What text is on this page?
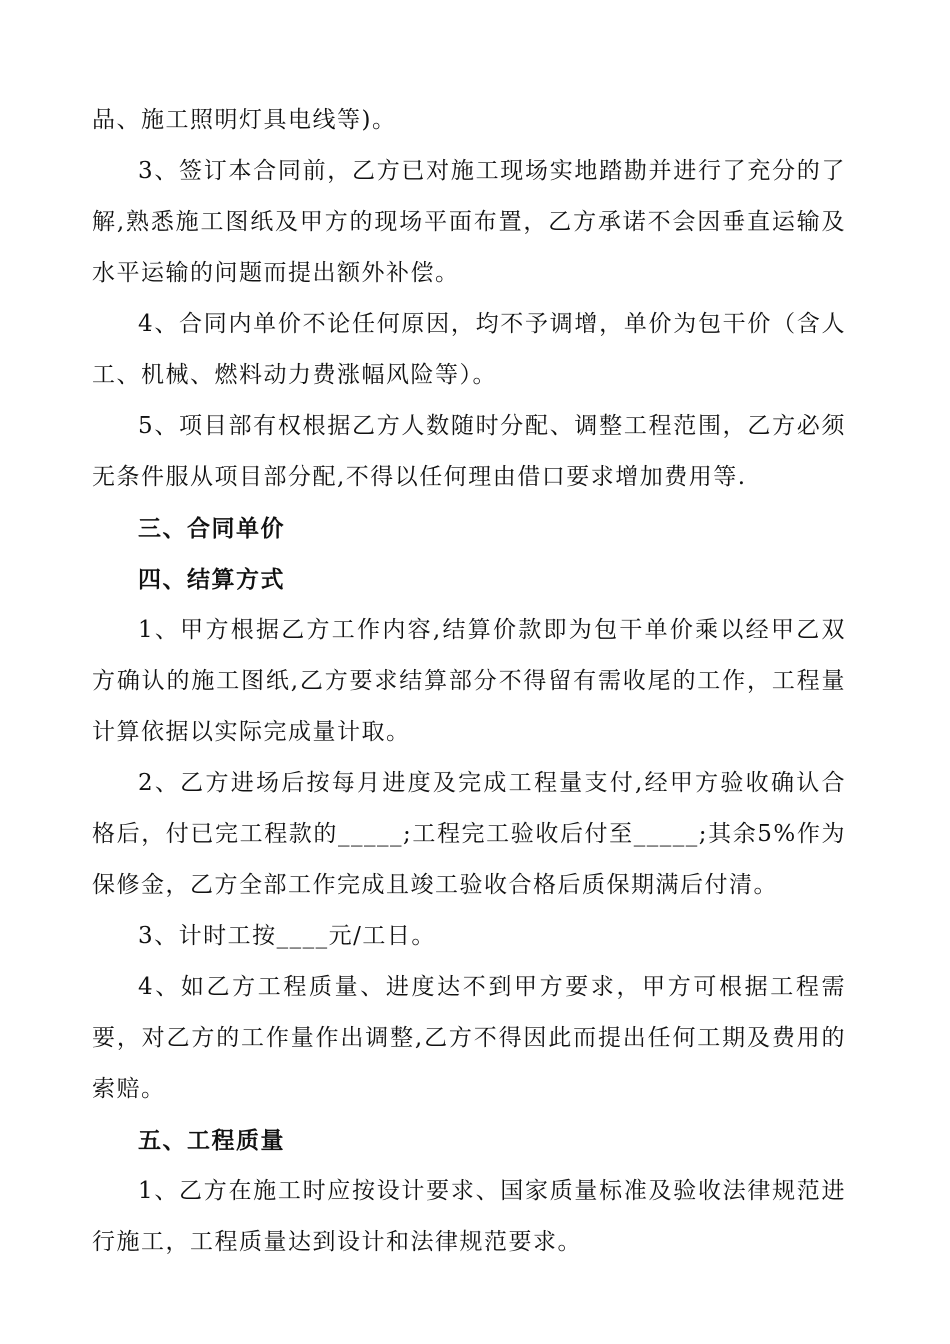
品、施工照明灯具电线等)。

3、签订本合同前，乙方已对施工现场实地踏勘并进行了充分的了解,熟悉施工图纸及甲方的现场平面布置，乙方承诺不会因垂直运输及水平运输的问题而提出额外补偿。

4、合同内单价不论任何原因，均不予调增，单价为包干价（含人工、机械、燃料动力费涨幅风险等）。

5、项目部有权根据乙方人数随时分配、调整工程范围，乙方必须无条件服从项目部分配,不得以任何理由借口要求增加费用等.

三、合同单价

四、结算方式

1、甲方根据乙方工作内容,结算价款即为包干单价乘以经甲乙双方确认的施工图纸,乙方要求结算部分不得留有需收尾的工作，工程量计算依据以实际完成量计取。

2、乙方进场后按每月进度及完成工程量支付,经甲方验收确认合格后，付已完工程款的_____;工程完工验收后付至_____;其余5%作为保修金，乙方全部工作完成且竣工验收合格后质保期满后付清。

3、计时工按____元/工日。

4、如乙方工程质量、进度达不到甲方要求，甲方可根据工程需要，对乙方的工作量作出调整,乙方不得因此而提出任何工期及费用的索赔。

五、工程质量

1、乙方在施工时应按设计要求、国家质量标准及验收法律规范进行施工，工程质量达到设计和法律规范要求。
